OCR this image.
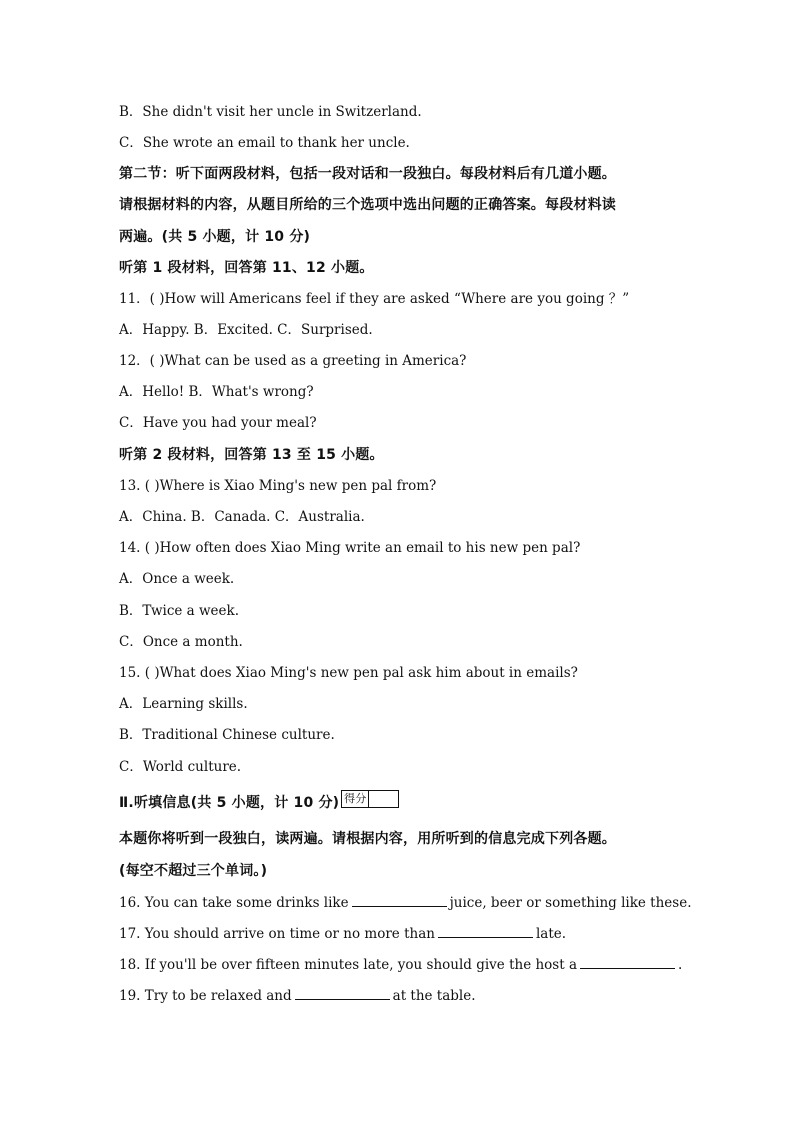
B．She didn't visit her uncle in Switzerland.
C．She wrote an email to thank her uncle.
第二节：听下面两段材料，包括一段对话和一段独白。每段材料后有几道小题。
请根据材料的内容，从题目所给的三个选项中选出问题的正确答案。每段材料读
两遍。(共 5 小题，计 10 分)
听第 1 段材料，回答第 11、12 小题。
11．( )How will Americans feel if they are asked “Where are you going ？”
A．Happy. B．Excited. C．Surprised.
12．( )What can be used as a greeting in America?
A．Hello! B．What's wrong?
C．Have you had your meal?
听第 2 段材料，回答第 13 至 15 小题。
13. ( )Where is Xiao Ming's new pen pal from?
A．China. B．Canada. C．Australia.
14. ( )How often does Xiao Ming write an email to his new pen pal?
A．Once a week.
B．Twice a week.
C．Once a month.
15. ( )What does Xiao Ming's new pen pal ask him about in emails?
A．Learning skills.
B．Traditional Chinese culture.
C．World culture.
Ⅱ.听填信息(共 5 小题，计 10 分) 得分
本题你将听到一段独白，读两遍。请根据内容，用所听到的信息完成下列各题。
(每空不超过三个单词。)
16. You can take some drinks like	juice, beer or something like these.
17. You should arrive on time or no more than	late.
18. If you'll be over fifteen minutes late, you should give the host a	.
19. Try to be relaxed and	at the table.
